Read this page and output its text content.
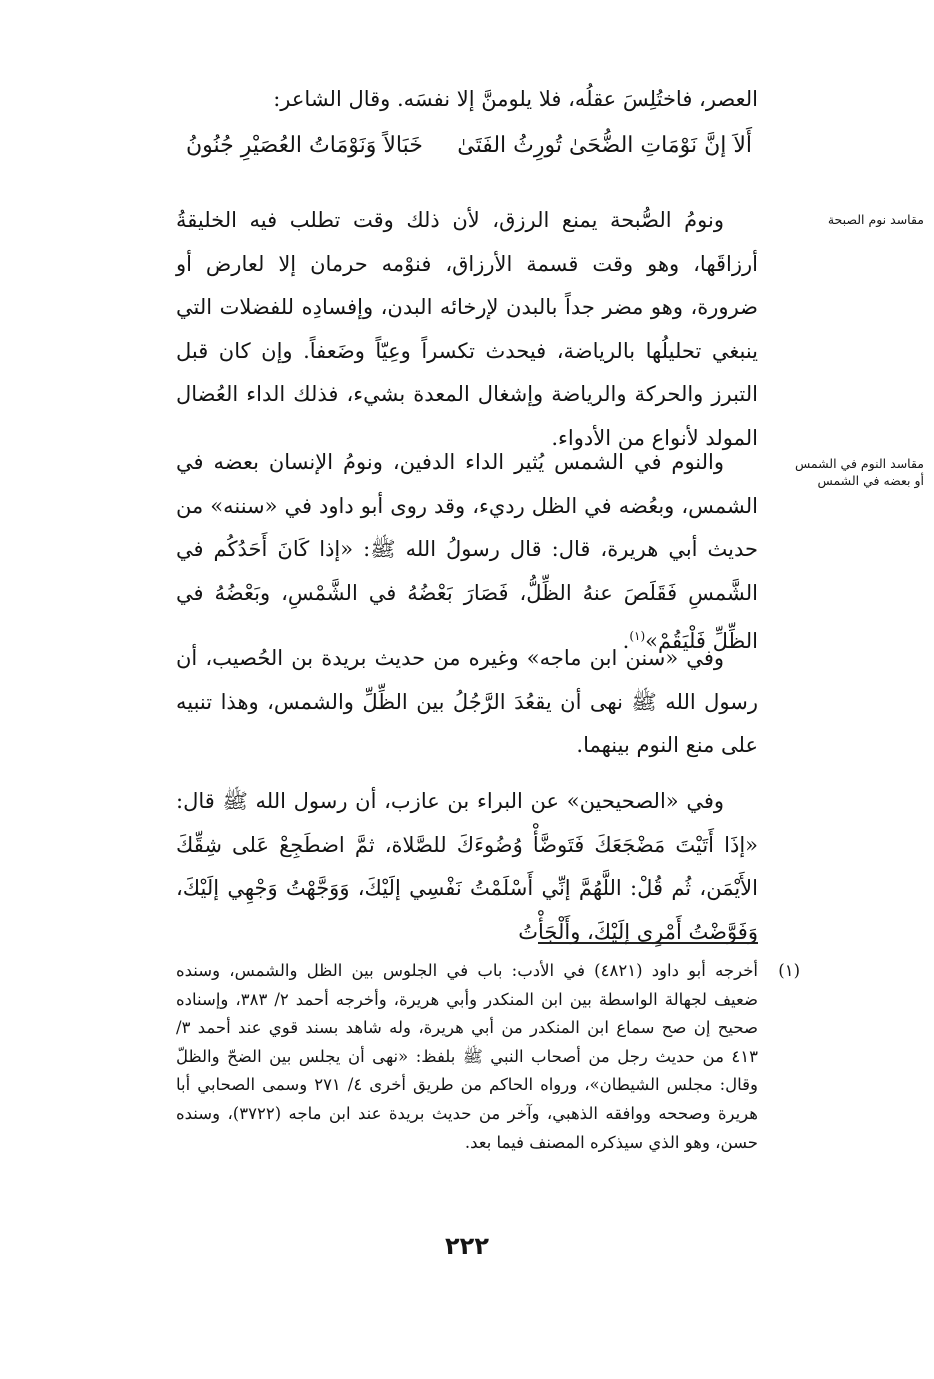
العصر، فاختُلِسَ عقلُه، فلا يلومنَّ إلا نفسَه. وقال الشاعر:
أَلاَ إنَّ نَوْمَاتِ الضُّحَىٰ تُورِثُ الفَتَىٰ
خَبَالاً وَنَوْمَاتُ العُصَيْرِ جُنُونُ
ونومُ الصُّبحة يمنع الرزق، لأن ذلك وقت تطلب فيه الخليقةُ أرزاقَها، وهو وقت قسمة الأرزاق، فنوْمه حرمان إلا لعارض أو ضرورة، وهو مضر جداً بالبدن لإرخائه البدن، وإفسادِه للفضلات التي ينبغي تحليلُها بالرياضة، فيحدث تكسراً وعِيّاً وضَعفاً. وإن كان قبل التبرز والحركة والرياضة وإشغال المعدة بشيء، فذلك الداء العُضال المولد لأنواع من الأدواء.
مقاسد نوم الصبحة
والنوم في الشمس يُثير الداء الدفين، ونومُ الإنسان بعضه في الشمس، وبعُضه في الظل رديء، وقد روى أبو داود في «سننه» من حديث أبي هريرة، قال: قال رسولُ الله ﷺ: «إذا كَانَ أَحَدُكُم في الشَّمسِ فَقَلَصَ عنهُ الظِّلُّ، فَصَارَ بَعْضُهُ في الشَّمْسِ، وبَعْضُهُ في الظِّلِّ فَلْيَقُمْ»$^{(١)}$.
مقاسد النوم في الشمس
أو بعضه في الشمس
وفي «سنن ابن ماجه» وغيره من حديث بريدة بن الحُصيب، أن رسول الله ﷺ نهى أن يقعُدَ الرَّجُلُ بين الظِّلِّ والشمس، وهذا تنبيه على منع النوم بينهما.
وفي «الصحيحين» عن البراء بن عازب، أن رسول الله ﷺ قال: «إذَا أَتَيْتَ مَضْجَعَكَ فَتَوضَّأْ وُضُوءَكَ للصَّلاة، ثمَّ اضطَجِعْ عَلى شِقِّكَ الأَيْمَن، ثُم قُلْ: اللَّهُمَّ إنِّي أَسْلَمْتُ نَفْسِي إلَيْكَ، وَوَجَّهْتُ وَجْهِي إلَيْكَ، وَفَوَّضْتُ أَمْرِي إلَيْكَ، وأَلْجَأْتُ
(١)
أخرجه أبو داود (٤٨٢١) في الأدب: باب في الجلوس بين الظل والشمس، وسنده ضعيف لجهالة الواسطة بين ابن المنكدر وأبي هريرة، وأخرجه أحمد ٢/ ٣٨٣، وإسناده صحيح إن صح سماع ابن المنكدر من أبي هريرة، وله شاهد بسند قوي عند أحمد ٣/ ٤١٣ من حديث رجل من أصحاب النبي ﷺ بلفظ: «نهى أن يجلس بين الضحّ والظلّ وقال: مجلس الشيطان»، ورواه الحاكم من طريق أخرى ٤/ ٢٧١ وسمى الصحابي أبا هريرة وصححه ووافقه الذهبي، وآخر من حديث بريدة عند ابن ماجه (٣٧٢٢)، وسنده حسن، وهو الذي سيذكره المصنف فيما بعد.
٢٢٢
